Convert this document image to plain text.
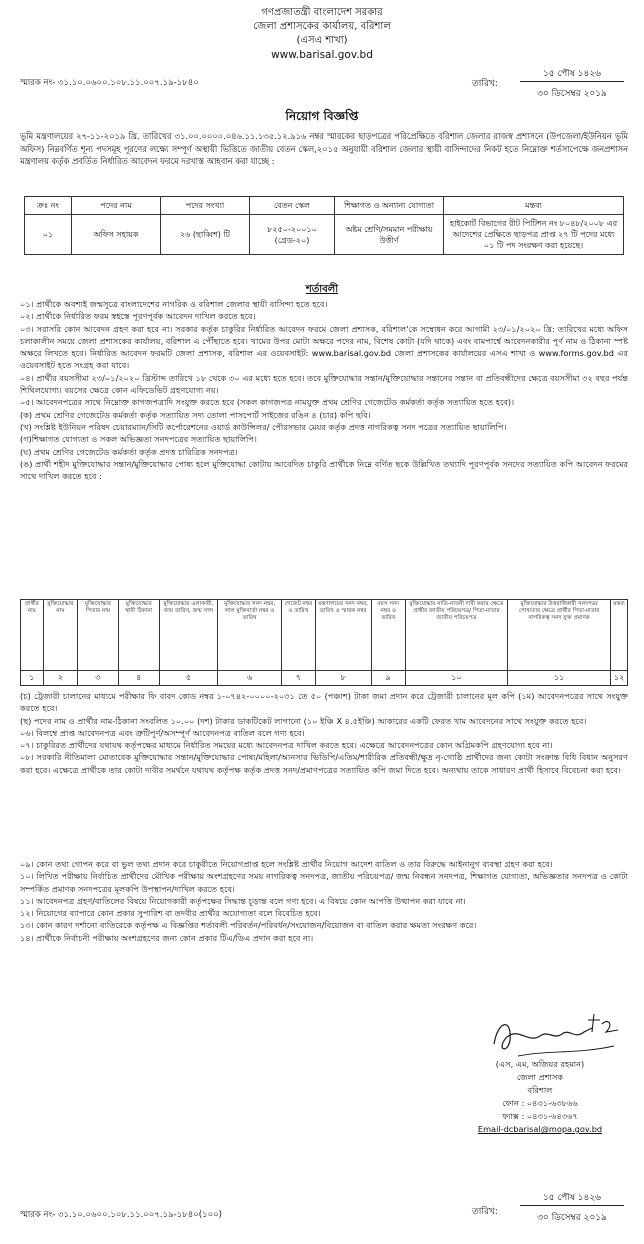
গণপ্রজাতন্ত্রী বাংলাদেশ সরকার
জেলা প্রশাসকের কার্যালয়, বরিশাল
(এসএ শাখা)
www.barisal.gov.bd
স্মারক নং- ৩১.১০.০৬০০.১০৮.১১.০০৭.১৯-১৮৪০	তারিখ:
১৫ পৌষ ১৪২৬
৩০ ডিসেম্বর ২০১৯
নিয়োগ বিজ্ঞপ্তি
ভূমি মন্ত্রণালয়ের ২৭-১১-২০১৯ খ্রি. তারিখের ৩১.০০.০০০০.০৪৬.১১.১৩৫.১২.৯১৬ নম্বর স্মারকের ছাড়পত্রের পরিপ্রেক্ষিতে বরিশাল জেলার রাজস্ব প্রশাসনে (উপজেলা/ইউনিয়ন ভূমি অফিস) নিম্নবর্ণিত শূন্য পদসমূহ পূরণের লক্ষ্যে সম্পূর্ণ অস্থায়ী ভিত্তিতে জাতীয় বেতন স্কেল,২০১৫ অনুযায়ী বরিশাল জেলার স্থায়ী বাসিন্দাদের নিকট হতে নিম্নোক্ত শর্তসাপেক্ষে জনপ্রশাসন মন্ত্রণালয় কর্তৃক প্রবর্তিত নির্ধারিত আবেদন ফরমে দরখাস্ত আহবান করা যাচ্ছে :
ক্রঃ নং	পদের নাম	পদের সংখ্যা	বেতন স্কেল	শিক্ষাগত ও অন্যান্য যোগ্যতা	মন্তব্য
০১	অফিস সহায়ক	২৬ (ছাব্বিশ) টি	৮২৫০-২০০১০
(গ্রেড-২০)	অষ্টম শ্রেণি/সমমান পরীক্ষায় উত্তীর্ণ	হাইকোর্ট বিভাগের রীট পিটিশন নং ৮০৪৮/২০০৮ এর আদেশের প্রেক্ষিতে ছাড়পত্র প্রাপ্ত ২৭ টি পদের মধ্যে ০১ টি পদ সংরক্ষণ করা হয়েছে।
শর্তাবলী

০১। প্রার্থীকে অবশ্যই জন্মসূত্রে বাংলাদেশের নাগরিক ও বরিশাল জেলার স্থায়ী বাসিন্দা হতে হবে।

০২। প্রার্থীকে নির্ধারিত ফরম স্বহস্তে পূরণপূর্বক আবেদন দাখিল করতে হবে।

০৩। সরাসরি কোন আবেদন গ্রহণ করা হবে না। সরকার কর্তৃক চাকুরির নির্ধারিত আবেদন ফরমে জেলা প্রশাসক, বরিশাল'কে সম্বোধন করে আগামী ২৩/০১/২০২০ খ্রি: তারিখের মধ্যে অফিস চলাকালীন সময়ে জেলা প্রশাসকের কার্যালয়, বরিশাল এ পৌঁছাতে হবে। খামের উপর মোটা অক্ষরে পদের নাম, বিশেষ কোটা (যদি থাকে) এবং বামপার্শ্বে আবেদনকারীর পূর্ণ নাম ও ঠিকানা স্পষ্ট অক্ষরে লিখতে হবে। নির্ধারিত আবেদন ফরমটি জেলা প্রশাসক, বরিশাল এর ওয়েবসাইট: www.barisal.gov.bd জেলা প্রশাসকের কার্যালয়ের এসএ শাখা ও www.forms.gov.bd এর ওয়েবসাইট হতে সংগ্রহ করা যাবে।

০৪। প্রার্থীর বয়সসীমা ২৩/০১/২০২০ খ্রিস্টাব্দ তারিখে ১৮ থেকে ৩০ এর মধ্যে হতে হবে। তবে মুক্তিযোদ্ধার সন্তান/মুক্তিযোদ্ধার সন্তানের সন্তান বা প্রতিবন্ধীদের ক্ষেত্রে বয়সসীমা ৩২ বছর পর্যন্ত শিথিলযোগ্য। বয়সের ক্ষেত্রে কোন এফিডেভিট গ্রহণযোগ্য নয়।

০৫। আবেদনপত্রের সাথে নিম্নোক্ত কাগজপত্রাদি সংযুক্ত করতে হবে (সকল কাগজপত্র নামযুক্ত প্রথম শ্রেণির গেজেটেড কর্মকর্তা কর্তৃক সত্যায়িত হতে হবে)।

(ক) প্রথম শ্রেণির গেজেটেড কর্মকর্তা কর্তৃক সত্যায়িত সদ্য তোলা পাসপোর্ট সাইজের রঙিন ৪ (চার) কপি ছবি।

(খ) সংশ্লিষ্ট ইউনিয়ন পরিষদ চেয়ারম্যান/সিটি কর্পোরেশনের ওয়ার্ড কাউন্সিলর/ পৌরসভার মেয়র কর্তৃক প্রদত্ত নাগরিকত্ব সনদ পত্রের সত্যায়িত ছায়ালিপি।

(গ)শিক্ষাগত যোগ্যতা ও সকল অভিজ্ঞতা সনদপত্রের সত্যায়িত ছায়ালিপি।

(ঘ) প্রথম শ্রেণির গেজেটেড কর্মকর্তা কর্তৃক প্রদত্ত চারিত্রিক সনদপত্র।

(ঙ) প্রার্থী শহীদ মুক্তিযোদ্ধার সন্তান/মুক্তিযোদ্ধার পোষ্য হলে মুক্তিযোদ্ধা কোটায় আবেদিত চাকুরি প্রার্থীকে নিম্নে বর্ণিত ছকে উল্লিখিত তথ্যাদি পূরণপূর্বক সনদের সত্যায়িত কপি আবেদন ফরমের সাথে দাখিল করতে হবে :

প্রার্থীর নাম	মুক্তিযোদ্ধার নাম	মুক্তিযোদ্ধার পিতার নাম	মুক্তিযোদ্ধার স্থায়ী ঠিকানা	মুক্তিযোদ্ধার এলাকায়ী, জন্ম তারিখ, জন্ম সাল	মুক্তিযোদ্ধার সনদ নম্বর, লাল মুক্তিবার্তা নম্বর ও তারিখ	গেজেট নম্বর ও তারিখ	মন্ত্রণালয়ের সনদ নম্বর, তারিখ ও স্মারক নম্বর	বয়স সনদ নম্বর ও তারিখ	মুক্তিযোদ্ধার নাতি-নাতনী দাবী করার ক্ষেত্রে প্রার্থীর জাতীয় পরিচয়পত্র/ পিতা-মাতার জাতীয় পরিচয়পত্র	মুক্তিযোদ্ধার উত্তরাধিকারী সনদপত্র/ পোষ্যতার ক্ষেত্রে প্রার্থীর পিতা-মাতার নাগরিকত্ব সনদ যুক্ত প্রমাণক	মন্তব্য
১	২	৩	৪	৫	৬	৭	৮	৯	১০	১১	১২

(চ) ট্রেজারী চালানের মাধ্যমে পরীক্ষার ফি বাবদ কোড নম্বর ১-০৭৪২-০০০০-২০৩১ তে ৫০ (পঞ্চাশ) টাকা জমা প্রদান করে ট্রেজারী চালানের মূল কপি (১ম) আবেদনপত্রের সাথে সংযুক্ত করতে হবে।

(ছ) পদের নাম ও প্রার্থীর নাম-ঠিকানা সংবলিত ১০.০০ (দশ) টাকার ডাকটিকেট লাগানো (১০ ইঞ্চি X ৪.৫ইঞ্চি) আকারের একটি ফেরত খাম আবেদনের সাথে সংযুক্ত করতে হবে।

০৬। বিলম্বে প্রাপ্ত আবেদনপত্র এবং ত্রুটিপূর্ণ/অসম্পূর্ণ আবেদনপত্র বাতিল বলে গণ্য হবে।

০৭। চাকুরিরত প্রার্থীদের যথাযথ কর্তৃপক্ষের মাধ্যমে নির্ধারিত সময়ের মধ্যে আবেদনপত্র দাখিল করতে হবে। এক্ষেত্রে আবেদনপত্রের কোন অগ্রিমকপি গ্রহণযোগ্য হবে না।

০৮। সরকারি নীতিমালা মোতাবেক মুক্তিযোদ্ধার সন্তান/মুক্তিযোদ্ধার পোষ্য/মহিলা/আনসার ভিডিপি/এতিম/শারীরিক প্রতিবন্ধী/ক্ষুদ্র নৃ-গোষ্ঠি প্রার্থীদের জন্য কোটা সংক্রান্ত বিধি বিধান অনুসরণ করা হবে। এক্ষেত্রে প্রার্থীকে তার কোটা দাবীর সমর্থনে যথাযথ কর্তৃপক্ষ কর্তৃক প্রদত্ত সনদ/প্রমাণপত্রের সত্যায়িত কপি জমা দিতে হবে। অন্যথায় তাকে সাধারণ প্রার্থী হিসাবে বিবেচনা করা হবে।

০৯। কোন তথ্য গোপন করে বা ভুল তথ্য প্রদান করে চাকুরীতে নিয়োগপ্রাপ্ত হলে সংশ্লিষ্ট প্রার্থীর নিয়োগ আদেশ বাতিল ও তার বিরুদ্ধে আইনানুগ ব্যবস্থা গ্রহণ করা হবে।

১০। লিখিত পরীক্ষায় নির্বাচিত প্রার্থীদের মৌখিক পরীক্ষায় অংশগ্রহণের সময় নাগরিকত্ব সনদপত্র, জাতীয় পরিচয়পত্র/ জন্ম নিবন্ধন সনদপত্র, শিক্ষাগত যোগ্যতা, অভিজ্ঞতার সনদপত্র ও কোটা সম্পর্কিত প্রমাণক সনদপত্রের মূলকপি উপস্থাপন/দাখিল করতে হবে।

১১। আবেদনপত্র গ্রহণ/বাতিলের বিষয়ে নিয়োগকারী কর্তৃপক্ষের সিদ্ধান্ত চূড়ান্ত বলে গণ্য হবে। এ বিষয়ে কোন আপত্তি উত্থাপন করা যাবে না।

১২। নিয়োগের ব্যাপারে কোন প্রকার সুপারিশ বা তদবীর প্রার্থীর অযোগ্যতা বলে বিবেচিত হবে।

১৩। কোন কারণ দর্শানো ব্যতিরেকে কর্তৃপক্ষ এ বিজ্ঞপ্তির শর্তাবলী পরিবর্তন/পরিবর্ধন/সংযোজন/বিয়োজন বা বাতিল করার ক্ষমতা সংরক্ষণ করে।

১৪। প্রার্থীকে নির্বাচনী পরীক্ষায় অংশগ্রহণের জন্য কোন প্রকার টিএ/ডিএ প্রদান করা হবে না।

(এস, এম, অজিয়র রহমান)
জেলা প্রশাসক
বরিশাল
ফোন : ০৪৩১-৬৩৮৬৬
ফ্যাক্স : ০৪৩১-৬৪৩৬৭
Email-dcbarisal@mopa.gov.bd
স্মারক নং- ৩১.১০.০৬০০.১০৮.১১.০০৭.১৯-১৮৪০(১০০)	তারিখ:
১৫ পৌষ ১৪২৬
৩০ ডিসেম্বর ২০১৯
